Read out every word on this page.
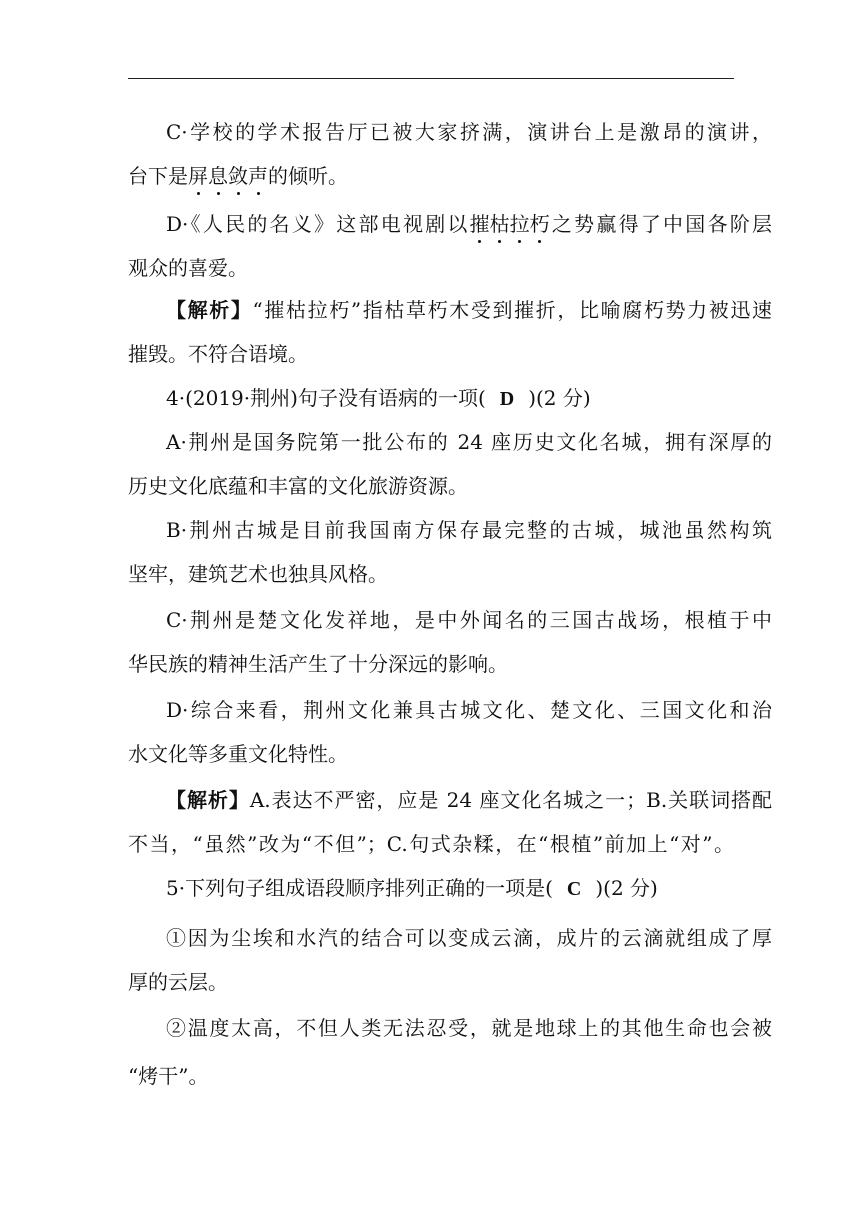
C·学校的学术报告厅已被大家挤满，演讲台上是激昂的演讲，
台下是屏息敛声的倾听。
D·《人民的名义》这部电视剧以摧枯拉朽之势赢得了中国各阶层
观众的喜爱。
【解析】“摧枯拉朽”指枯草朽木受到摧折，比喻腐朽势力被迅速
摧毁。不符合语境。
4·(2019·荆州)句子没有语病的一项( D )(2 分)
A·荆州是国务院第一批公布的 24 座历史文化名城，拥有深厚的
历史文化底蕴和丰富的文化旅游资源。
B·荆州古城是目前我国南方保存最完整的古城，城池虽然构筑
坚牢，建筑艺术也独具风格。
C·荆州是楚文化发祥地，是中外闻名的三国古战场，根植于中
华民族的精神生活产生了十分深远的影响。
D·综合来看，荆州文化兼具古城文化、楚文化、三国文化和治
水文化等多重文化特性。
【解析】A.表达不严密，应是 24 座文化名城之一；B.关联词搭配
不当，“虽然”改为“不但”；C.句式杂糅，在“根植”前加上“对”。
5·下列句子组成语段顺序排列正确的一项是( C )(2 分)
①因为尘埃和水汽的结合可以变成云滴，成片的云滴就组成了厚
厚的云层。
②温度太高，不但人类无法忍受，就是地球上的其他生命也会被
“烤干”。
